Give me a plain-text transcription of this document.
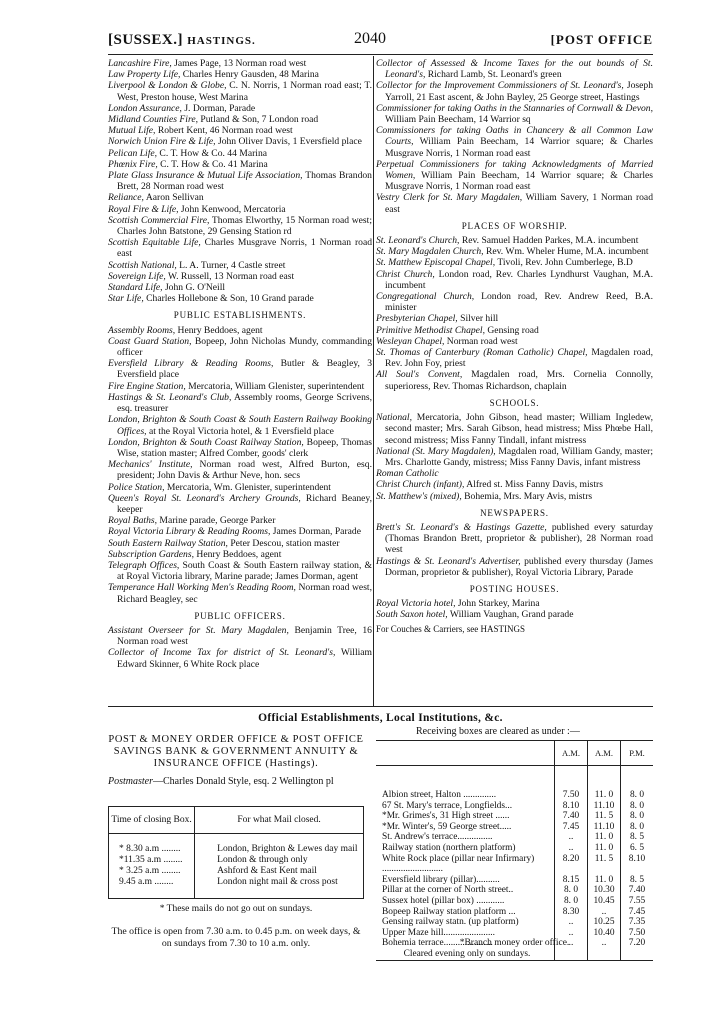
[SUSSEX.] HASTINGS.	2040	[POST OFFICE

Lancashire Fire, James Page, 13 Norman road west

Law Property Life, Charles Henry Gausden, 48 Marina

Liverpool & London & Globe, C. N. Norris, 1 Norman road east; T. West, Preston house, West Marina

London Assurance, J. Dorman, Parade

Midland Counties Fire, Putland & Son, 7 London road

Mutual Life, Robert Kent, 46 Norman road west

Norwich Union Fire & Life, John Oliver Davis, 1 Eversfield place

Pelican Life, C. T. How & Co. 44 Marina

Phœnix Fire, C. T. How & Co. 41 Marina

Plate Glass Insurance & Mutual Life Association, Thomas Brandon Brett, 28 Norman road west

Reliance, Aaron Sellivan

Royal Fire & Life, John Kenwood, Mercatoria

Scottish Commercial Fire, Thomas Elworthy, 15 Norman road west; Charles John Batstone, 29 Gensing Station rd

Scottish Equitable Life, Charles Musgrave Norris, 1 Norman road east

Scottish National, L. A. Turner, 4 Castle street

Sovereign Life, W. Russell, 13 Norman road east

Standard Life, John G. O'Neill

Star Life, Charles Hollebone & Son, 10 Grand parade

PUBLIC ESTABLISHMENTS.

Assembly Rooms, Henry Beddoes, agent

Coast Guard Station, Bopeep, John Nicholas Mundy, commanding officer

Eversfield Library & Reading Rooms, Butler & Beagley, 3 Eversfield place

Fire Engine Station, Mercatoria, William Glenister, superintendent

Hastings & St. Leonard's Club, Assembly rooms, George Scrivens, esq. treasurer

London, Brighton & South Coast & South Eastern Railway Booking Offices, at the Royal Victoria hotel, & 1 Eversfield place

London, Brighton & South Coast Railway Station, Bopeep, Thomas Wise, station master; Alfred Comber, goods' clerk

Mechanics' Institute, Norman road west, Alfred Burton, esq. president; John Davis & Arthur Neve, hon. secs

Police Station, Mercatoria, Wm. Glenister, superintendent

Queen's Royal St. Leonard's Archery Grounds, Richard Beaney, keeper

Royal Baths, Marine parade, George Parker

Royal Victoria Library & Reading Rooms, James Dorman, Parade

South Eastern Railway Station, Peter Descou, station master

Subscription Gardens, Henry Beddoes, agent

Telegraph Offices, South Coast & South Eastern railway station, & at Royal Victoria library, Marine parade; James Dorman, agent

Temperance Hall Working Men's Reading Room, Norman road west, Richard Beagley, sec

PUBLIC OFFICERS.

Assistant Overseer for St. Mary Magdalen, Benjamin Tree, 16 Norman road west

Collector of Income Tax for district of St. Leonard's, William Edward Skinner, 6 White Rock place

Collector of Assessed & Income Taxes for the out bounds of St. Leonard's, Richard Lamb, St. Leonard's green

Collector for the Improvement Commissioners of St. Leonard's, Joseph Yarroll, 21 East ascent, & John Bayley, 25 George street, Hastings

Commissioner for taking Oaths in the Stannaries of Cornwall & Devon, William Pain Beecham, 14 Warrior sq

Commissioners for taking Oaths in Chancery & all Common Law Courts, William Pain Beecham, 14 Warrior square; & Charles Musgrave Norris, 1 Norman road east

Perpetual Commissioners for taking Acknowledgments of Married Women, William Pain Beecham, 14 Warrior square; & Charles Musgrave Norris, 1 Norman road east

Vestry Clerk for St. Mary Magdalen, William Savery, 1 Norman road east

PLACES OF WORSHIP.

St. Leonard's Church, Rev. Samuel Hadden Parkes, M.A. incumbent

St. Mary Magdalen Church, Rev. Wm. Wheler Hume, M.A. incumbent

St. Matthew Episcopal Chapel, Tivoli, Rev. John Cumberlege, B.D

Christ Church, London road, Rev. Charles Lyndhurst Vaughan, M.A. incumbent

Congregational Church, London road, Rev. Andrew Reed, B.A. minister

Presbyterian Chapel, Silver hill

Primitive Methodist Chapel, Gensing road

Wesleyan Chapel, Norman road west

St. Thomas of Canterbury (Roman Catholic) Chapel, Magdalen road, Rev. John Foy, priest

All Soul's Convent, Magdalen road, Mrs. Cornelia Connolly, superioress, Rev. Thomas Richardson, chaplain

SCHOOLS.

National, Mercatoria, John Gibson, head master; William Ingledew, second master; Mrs. Sarah Gibson, head mistress; Miss Phœbe Hall, second mistress; Miss Fanny Tindall, infant mistress

National (St. Mary Magdalen), Magdalen road, William Gandy, master; Mrs. Charlotte Gandy, mistress; Miss Fanny Davis, infant mistress

Roman Catholic

Christ Church (infant), Alfred st. Miss Fanny Davis, mistrs

St. Matthew's (mixed), Bohemia, Mrs. Mary Avis, mistrs

NEWSPAPERS.

Brett's St. Leonard's & Hastings Gazette, published every saturday (Thomas Brandon Brett, proprietor & publisher), 28 Norman road west

Hastings & St. Leonard's Advertiser, published every thursday (James Dorman, proprietor & publisher), Royal Victoria Library, Parade

POSTING HOUSES.

Royal Victoria hotel, John Starkey, Marina

South Saxon hotel, William Vaughan, Grand parade

For Couches & Carriers, see HASTINGS
Official Establishments, Local Institutions, &c.
POST & MONEY ORDER OFFICE & POST OFFICE SAVINGS BANK & GOVERNMENT ANNUITY & INSURANCE OFFICE (Hastings).
Postmaster—Charles Donald Style, esq. 2 Wellington pl
Time of closing Box.	For what Mail closed.
* 8.30 a.m ........	London, Brighton & Lewes day mail
*11.35 a.m ........	London & through only
* 3.25 a.m ........	Ashford & East Kent mail
9.45 a.m ........	London night mail & cross post
* These mails do not go out on sundays.
The office is open from 7.30 a.m. to 0.45 p.m. on week days, & on sundays from 7.30 to 10 a.m. only.
Receiving boxes are cleared as under :—
	A.M.	A.M.	P.M.
Albion street, Halton ..............	7.50	11. 0	8. 0
67 St. Mary's terrace, Longfields...	8.10	11.10	8. 0
*Mr. Grimes's, 31 High street ......	7.40	11. 5	8. 0
*Mr. Winter's, 59 George street.....	7.45	11.10	8. 0
St. Andrew's terrace...............	..	11. 0	8. 5
Railway station (northern platform)	..	11. 0	6. 5
White Rock place (pillar near Infirmary) ..........................	8.20	11. 5	8.10
Eversfield library (pillar)..........	8.15	11. 0	8. 5
Pillar at the corner of North street..	8. 0	10.30	7.40
Sussex hotel (pillar box) ............	8. 0	10.45	7.55
Bopeep Railway station platform ...	8.30	..	7.45
Gensing railway statn. (up platform)	..	10.25	7.35
Upper Maze hill......................	..	10.40	7.50
Bohemia terrace.....................	..	..	7.20
Cleared evening only on sundays.			
*Branch money order office.
